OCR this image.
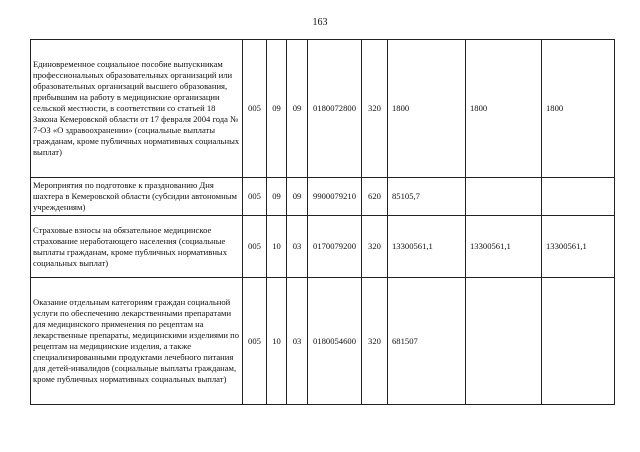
163
Единовременное социальное пособие выпускникам профессиональных образовательных организаций или образовательных организаций высшего образования, прибывшим на работу в медицинские организации сельской местности, в соответствии со статьей 18 Закона Кемеровской области от 17 февраля 2004 года № 7-ОЗ «О здравоохранении» (социальные выплаты гражданам, кроме публичных нормативных социальных выплат)	005	09	09	0180072800	320	1800	1800	1800
Мероприятия по подготовке к празднованию Дня шахтера в Кемеровской области (субсидии автономным учреждениям)	005	09	09	9900079210	620	85105,7		
Страховые взносы на обязательное медицинское страхование неработающего населения (социальные выплаты гражданам, кроме публичных нормативных социальных выплат)	005	10	03	0170079200	320	13300561,1	13300561,1	13300561,1
Оказание отдельным категориям граждан социальной услуги по обеспечению лекарственными препаратами для медицинского применения по рецептам на лекарственные препараты, медицинскими изделиями по рецептам на медицинские изделия, а также специализированными продуктами лечебного питания для детей-инвалидов (социальные выплаты гражданам, кроме публичных нормативных социальных выплат)	005	10	03	0180054600	320	681507		
